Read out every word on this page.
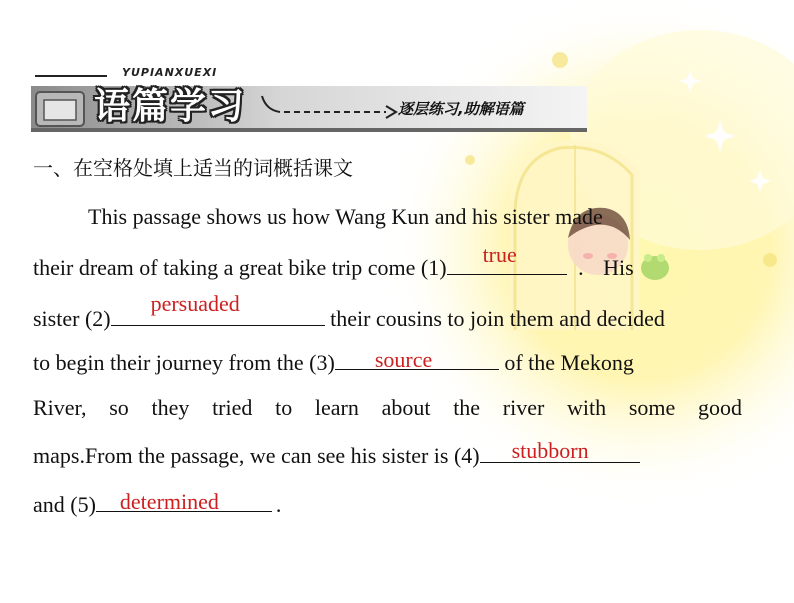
YUPIANXUEXI
语篇学习	逐层练习,助解语篇
一、在空格处填上适当的词概括课文
This passage shows us how Wang Kun and his sister made
their dream of taking a great bike trip come (1)
true
. His
sister (2)
persuaded
their cousins to join them and decided
to begin their journey from the (3) source	of the Mekong
River, so they tried to learn about the river with some good
maps.From the passage, we can see his sister is (4) stubborn
and (5) determined	.
